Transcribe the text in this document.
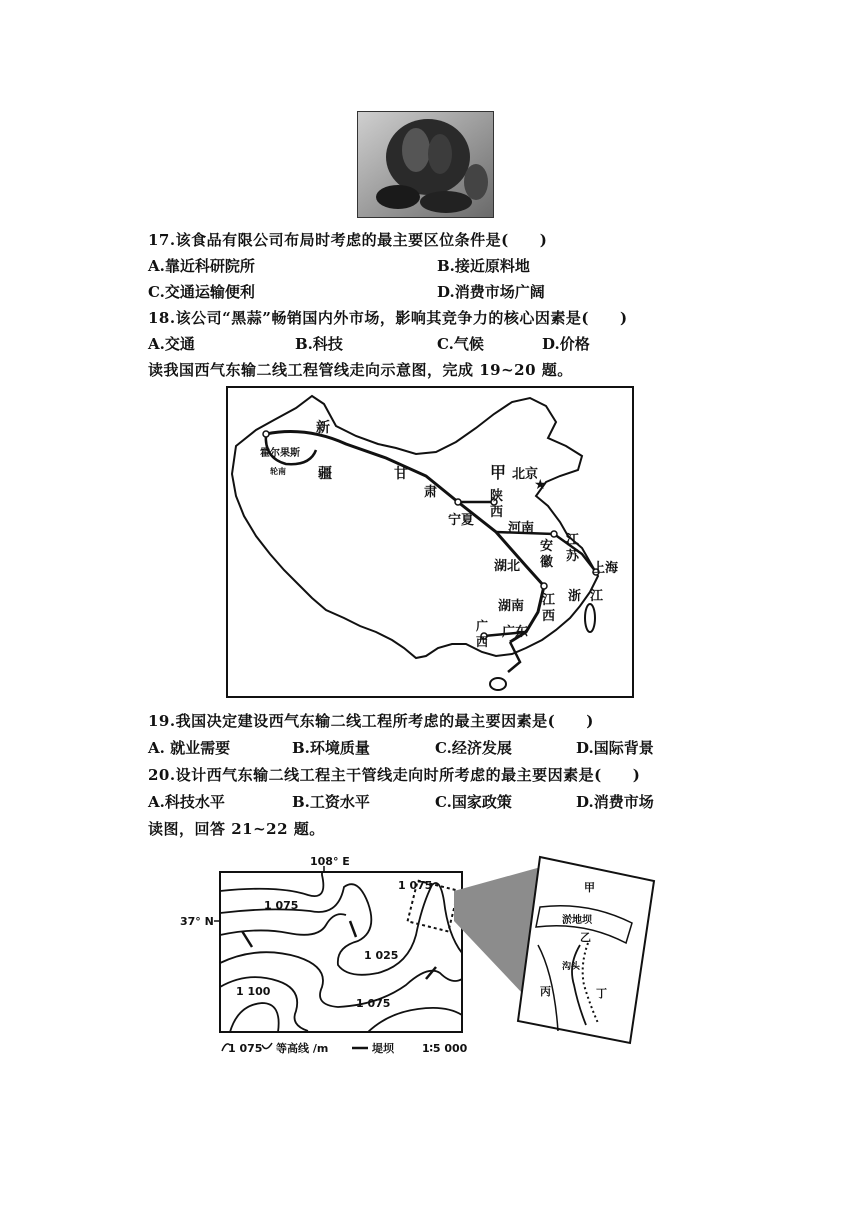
17.该食品有限公司布局时考虑的最主要区位条件是(　　)
A.靠近科研院所	B.接近原料地
C.交通运输便利	D.消费市场广阔
18.该公司“黑蒜”畅销国内外市场，影响其竞争力的核心因素是(　　)
A.交通	B.科技	C.气候	D.价格
读我国西气东输二线工程管线走向示意图，完成 19~20 题。
★
新
疆
霍尔果斯
轮南	甘
肃
甲 北京
陕
西
宁夏
河南
安
徽
江
苏
上海
湖北
湖南
浙 江
江
西
广
西
广东
19.我国决定建设西气东输二线工程所考虑的最主要因素是(　　)
A. 就业需要	B.环境质量	C.经济发展	D.国际背景
20.设计西气东输二线工程主干管线走向时所考虑的最主要因素是(　　)
A.科技水平	B.工资水平	C.国家政策	D.消费市场
读图，回答 21~22 题。
108° E
37° N
1 075
1 075
1 025
1 100
1 075
甲
淤地坝
乙
沟头
丙	丁
1 075 等高线 /m	堤坝	1∶5 000
